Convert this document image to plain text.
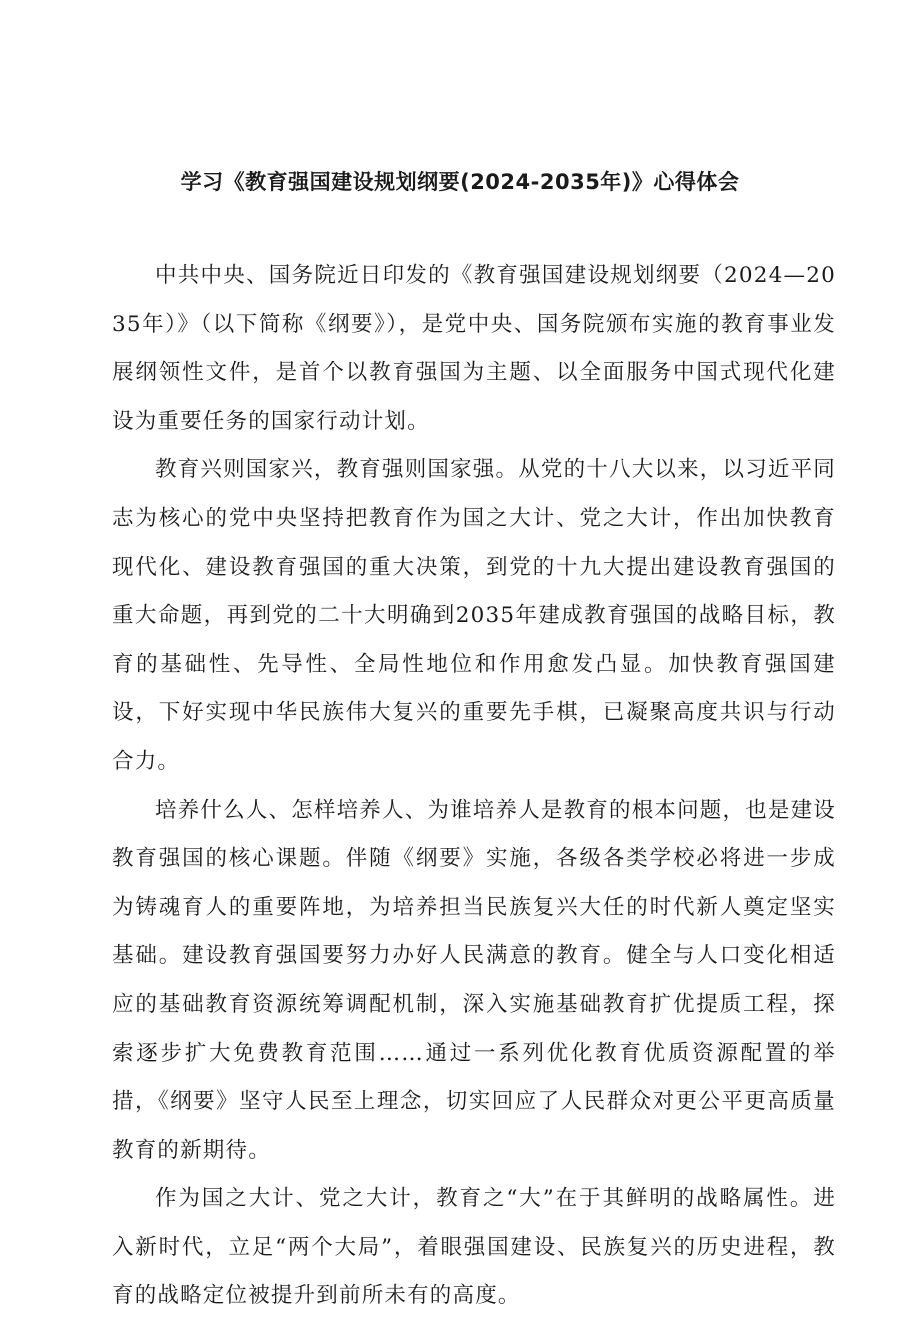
学习《教育强国建设规划纲要(2024-2035年)》心得体会

中共中央、国务院近日印发的《教育强国建设规划纲要（2024—2035年）》（以下简称《纲要》），是党中央、国务院颁布实施的教育事业发展纲领性文件，是首个以教育强国为主题、以全面服务中国式现代化建设为重要任务的国家行动计划。

教育兴则国家兴，教育强则国家强。从党的十八大以来，以习近平同志为核心的党中央坚持把教育作为国之大计、党之大计，作出加快教育现代化、建设教育强国的重大决策，到党的十九大提出建设教育强国的重大命题，再到党的二十大明确到2035年建成教育强国的战略目标，教育的基础性、先导性、全局性地位和作用愈发凸显。加快教育强国建设，下好实现中华民族伟大复兴的重要先手棋，已凝聚高度共识与行动合力。

培养什么人、怎样培养人、为谁培养人是教育的根本问题，也是建设教育强国的核心课题。伴随《纲要》实施，各级各类学校必将进一步成为铸魂育人的重要阵地，为培养担当民族复兴大任的时代新人奠定坚实基础。建设教育强国要努力办好人民满意的教育。健全与人口变化相适应的基础教育资源统筹调配机制，深入实施基础教育扩优提质工程，探索逐步扩大免费教育范围……通过一系列优化教育优质资源配置的举措，《纲要》坚守人民至上理念，切实回应了人民群众对更公平更高质量教育的新期待。

作为国之大计、党之大计，教育之“大”在于其鲜明的战略属性。进入新时代，立足“两个大局”，着眼强国建设、民族复兴的历史进程，教育的战略定位被提升到前所未有的高度。
